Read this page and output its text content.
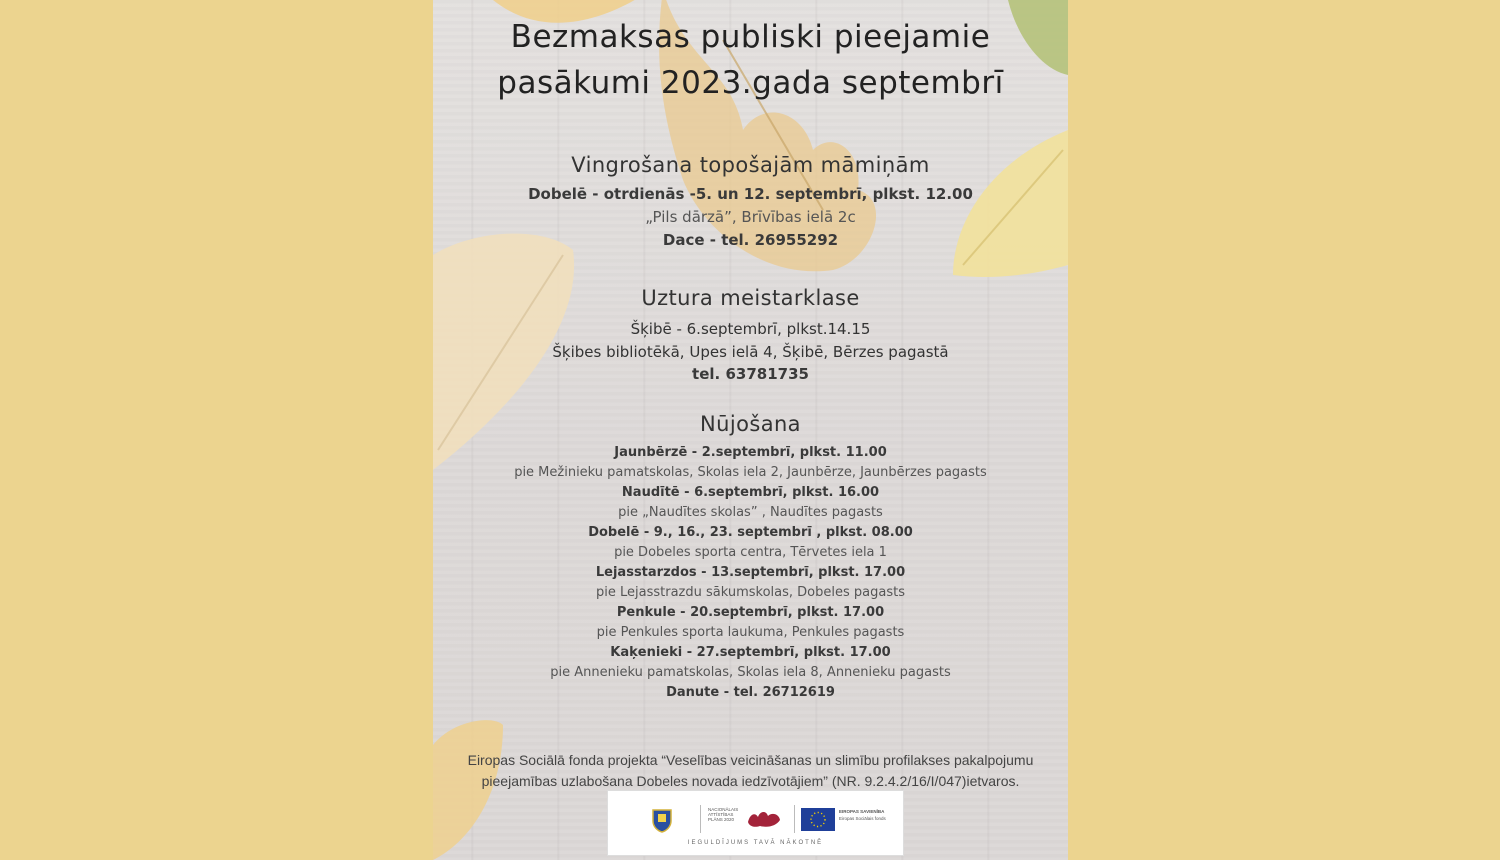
Bezmaksas publiski pieejamie
pasākumi 2023.gada septembrī
Vingrošana topošajām māmiņām
Dobelē - otrdienās -5. un 12. septembrī, plkst. 12.00
„Pils dārzā”, Brīvības ielā 2c
Dace - tel. 26955292
Uztura meistarklase
Šķibē - 6.septembrī, plkst.14.15
Šķibes bibliotēkā, Upes ielā 4, Šķibē, Bērzes pagastā
tel. 63781735
Nūjošana
Jaunbērzē - 2.septembrī, plkst. 11.00
pie Mežinieku pamatskolas, Skolas iela 2, Jaunbērze, Jaunbērzes pagasts
Naudītē - 6.septembrī, plkst. 16.00
pie „Naudītes skolas” , Naudītes pagasts
Dobelē - 9., 16., 23. septembrī , plkst. 08.00
pie Dobeles sporta centra, Tērvetes iela 1
Lejasstarzdos - 13.septembrī, plkst. 17.00
pie Lejasstrazdu sākumskolas, Dobeles pagasts
Penkule - 20.septembrī, plkst. 17.00
pie Penkules sporta laukuma, Penkules pagasts
Kaķenieki - 27.septembrī, plkst. 17.00
pie Annenieku pamatskolas, Skolas iela 8, Annenieku pagasts
Danute - tel. 26712619
Eiropas Sociālā fonda projekta “Veselības veicināšanas un slimību profilakses pakalpojumu
pieejamības uzlabošana Dobeles novada iedzīvotājiem” (NR. 9.2.4.2/16/I/047)ietvaros.
NACIONĀLAIS ATTĪSTĪBAS PLĀNS 2020
EIROPAS SAVIENĪBA
Eiropas Sociālais fonds
IEGULDĪJUMS TAVĀ NĀKOTNĒ
